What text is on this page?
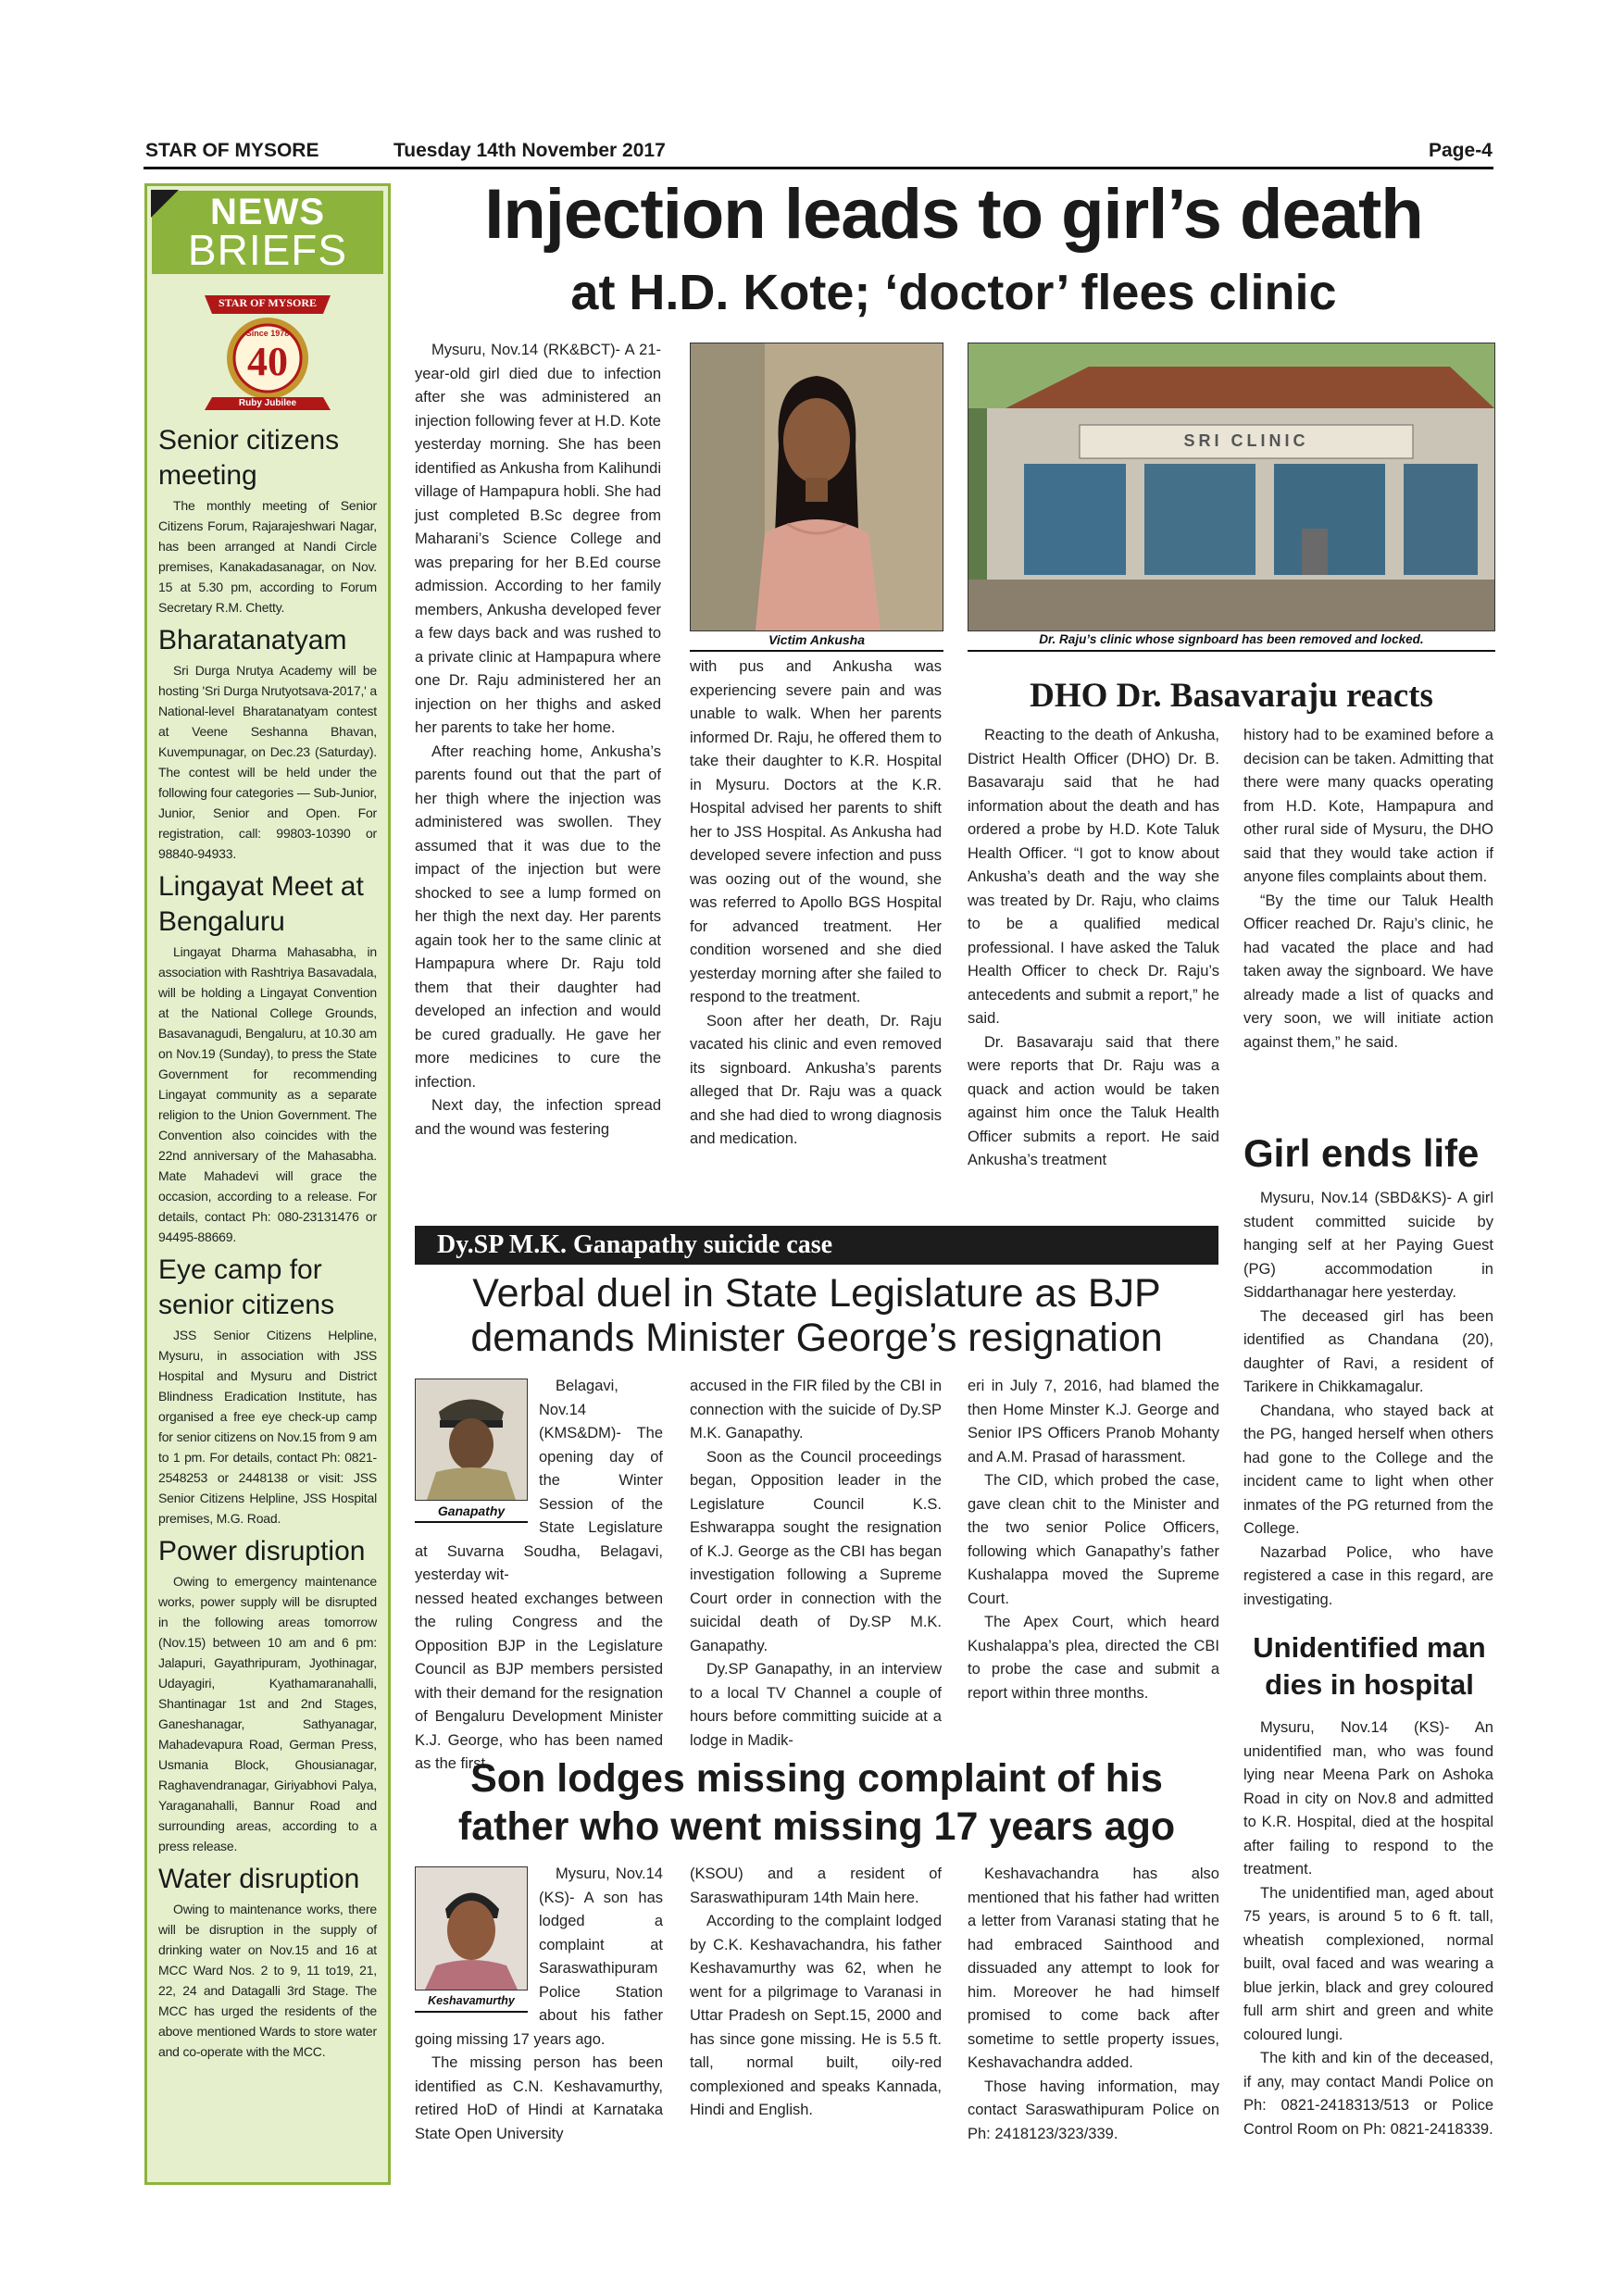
STAR OF MYSORE	Tuesday 14th November 2017	Page-4
NEWS
BRIEFS
STAR OF MYSORE
Since 1978
40
Ruby Jubilee
Senior citizens meeting

The monthly meeting of Senior Citizens Forum, Rajarajeshwari Nagar, has been arranged at Nandi Circle premises, Kanakadasanagar, on Nov. 15 at 5.30 pm, according to Forum Secretary R.M. Chetty.

Bharatanatyam

Sri Durga Nrutya Academy will be hosting 'Sri Durga Nrutyotsava-2017,' a National-level Bharatanatyam contest at Veene Seshanna Bhavan, Kuvempunagar, on Dec.23 (Saturday). The contest will be held under the following four categories — Sub-Junior, Junior, Senior and Open. For registration, call: 99803-10390 or 98840-94933.

Lingayat Meet at Bengaluru

Lingayat Dharma Mahasabha, in association with Rashtriya Basavadala, will be holding a Lingayat Convention at the National College Grounds, Basavanagudi, Bengaluru, at 10.30 am on Nov.19 (Sunday), to press the State Government for recommending Lingayat community as a separate religion to the Union Government. The Convention also coincides with the 22nd anniversary of the Mahasabha. Mate Mahadevi will grace the occasion, according to a release. For details, contact Ph: 080-23131476 or 94495-88669.

Eye camp for senior citizens

JSS Senior Citizens Helpline, Mysuru, in association with JSS Hospital and Mysuru and District Blindness Eradication Institute, has organised a free eye check-up camp for senior citizens on Nov.15 from 9 am to 1 pm. For details, contact Ph: 0821-2548253 or 2448138 or visit: JSS Senior Citizens Helpline, JSS Hospital premises, M.G. Road.

Power disruption

Owing to emergency maintenance works, power supply will be disrupted in the following areas tomorrow (Nov.15) between 10 am and 6 pm: Jalapuri, Gayathripuram, Jyothinagar, Udayagiri, Kyathamaranahalli, Shantinagar 1st and 2nd Stages, Ganeshanagar, Sathyanagar, Mahadevapura Road, German Press, Usmania Block, Ghousianagar, Raghavendranagar, Giriyabhovi Palya, Yaraganahalli, Bannur Road and surrounding areas, according to a press release.

Water disruption

Owing to maintenance works, there will be disruption in the supply of drinking water on Nov.15 and 16 at MCC Ward Nos. 2 to 9, 11 to19, 21, 22, 24 and Datagalli 3rd Stage. The MCC has urged the residents of the above mentioned Wards to store water and co-operate with the MCC.

Injection leads to girl’s death
at H.D. Kote; ‘doctor’ flees clinic

Mysuru, Nov.14 (RK&BCT)- A 21-year-old girl died due to infection after she was administered an injection following fever at H.D. Kote yesterday morning. She has been identified as Ankusha from Kalihundi village of Hampapura hobli. She had just completed B.Sc degree from Maharani’s Science College and was preparing for her B.Ed course admission. According to her family members, Ankusha developed fever a few days back and was rushed to a private clinic at Hampapura where one Dr. Raju administered her an injection on her thighs and asked her parents to take her home.

After reaching home, Ankusha’s parents found out that the part of her thigh where the injection was administered was swollen. They assumed that it was due to the impact of the injection but were shocked to see a lump formed on her thigh the next day. Her parents again took her to the same clinic at Hampapura where Dr. Raju told them that their daughter had developed an infection and would be cured gradually. He gave her more medicines to cure the infection.

Next day, the infection spread and the wound was festering

Victim Ankusha
SRI CLINIC
Dr. Raju’s clinic whose signboard has been removed and locked.

with pus and Ankusha was experiencing severe pain and was unable to walk. When her parents informed Dr. Raju, he offered them to take their daughter to K.R. Hospital in Mysuru. Doctors at the K.R. Hospital advised her parents to shift her to JSS Hospital. As Ankusha had developed severe infection and puss was oozing out of the wound, she was referred to Apollo BGS Hospital for advanced treatment. Her condition worsened and she died yesterday morning after she failed to respond to the treatment.

Soon after her death, Dr. Raju vacated his clinic and even removed its signboard. Ankusha’s parents alleged that Dr. Raju was a quack and she had died to wrong diagnosis and medication.

DHO Dr. Basavaraju reacts

Reacting to the death of Ankusha, District Health Officer (DHO) Dr. B. Basavaraju said that he had information about the death and has ordered a probe by H.D. Kote Taluk Health Officer. “I got to know about Ankusha’s death and the way she was treated by Dr. Raju, who claims to be a qualified medical professional. I have asked the Taluk Health Officer to check Dr. Raju’s antecedents and submit a report,” he said.

Dr. Basavaraju said that there were reports that Dr. Raju was a quack and action would be taken against him once the Taluk Health Officer submits a report. He said Ankusha’s treatment

history had to be examined before a decision can be taken. Admitting that there were many quacks operating from H.D. Kote, Hampapura and other rural side of Mysuru, the DHO said that they would take action if anyone files complaints about them.

“By the time our Taluk Health Officer reached Dr. Raju’s clinic, he had vacated the place and had taken away the signboard. We have already made a list of quacks and very soon, we will initiate action against them,” he said.

Dy.SP M.K. Ganapathy suicide case
Verbal duel in State Legislature as BJP
demands Minister George’s resignation
Ganapathy

Belagavi, Nov.14 (KMS&DM)- The opening day of the Winter Session of the State Legislature at Suvarna Soudha, Belagavi, yesterday wit-

nessed heated exchanges between the ruling Congress and the Opposition BJP in the Legislature Council as BJP members persisted with their demand for the resignation of Bengaluru Development Minister K.J. George, who has been named as the first

accused in the FIR filed by the CBI in connection with the suicide of Dy.SP M.K. Ganapathy.

Soon as the Council proceedings began, Opposition leader in the Legislature Council K.S. Eshwarappa sought the resignation of K.J. George as the CBI has began investigation following a Supreme Court order in connection with the suicidal death of Dy.SP M.K. Ganapathy.

Dy.SP Ganapathy, in an interview to a local TV Channel a couple of hours before committing suicide at a lodge in Madik-

eri in July 7, 2016, had blamed the then Home Minster K.J. George and Senior IPS Officers Pranob Mohanty and A.M. Prasad of harassment.

The CID, which probed the case, gave clean chit to the Minister and the two senior Police Officers, following which Ganapathy’s father Kushalappa moved the Supreme Court.

The Apex Court, which heard Kushalappa’s plea, directed the CBI to probe the case and submit a report within three months.

Son lodges missing complaint of his
father who went missing 17 years ago
Keshavamurthy

Mysuru, Nov.14 (KS)- A son has lodged a complaint at Saraswathipuram Police Station about his father going missing 17 years ago.

The missing person has been identified as C.N. Keshavamurthy, retired HoD of Hindi at Karnataka State Open University

(KSOU) and a resident of Saraswathipuram 14th Main here.

According to the complaint lodged by C.K. Keshavachandra, his father Keshavamurthy was 62, when he went for a pilgrimage to Varanasi in Uttar Pradesh on Sept.15, 2000 and has since gone missing. He is 5.5 ft. tall, normal built, oily-red complexioned and speaks Kannada, Hindi and English.

Keshavachandra has also mentioned that his father had written a letter from Varanasi stating that he had embraced Sainthood and dissuaded any attempt to look for him. Moreover he had himself promised to come back after sometime to settle property issues, Keshavachandra added.

Those having information, may contact Saraswathipuram Police on Ph: 2418123/323/339.

Girl ends life

Mysuru, Nov.14 (SBD&KS)- A girl student committed suicide by hanging self at her Paying Guest (PG) accommodation in Siddarthanagar here yesterday.

The deceased girl has been identified as Chandana (20), daughter of Ravi, a resident of Tarikere in Chikkamagalur.

Chandana, who stayed back at the PG, hanged herself when others had gone to the College and the incident came to light when other inmates of the PG returned from the College.

Nazarbad Police, who have registered a case in this regard, are investigating.

Unidentified man
dies in hospital

Mysuru, Nov.14 (KS)- An unidentified man, who was found lying near Meena Park on Ashoka Road in city on Nov.8 and admitted to K.R. Hospital, died at the hospital after failing to respond to the treatment.

The unidentified man, aged about 75 years, is around 5 to 6 ft. tall, wheatish complexioned, normal built, oval faced and was wearing a blue jerkin, black and grey coloured full arm shirt and green and white coloured lungi.

The kith and kin of the deceased, if any, may contact Mandi Police on Ph: 0821-2418313/513 or Police Control Room on Ph: 0821-2418339.
